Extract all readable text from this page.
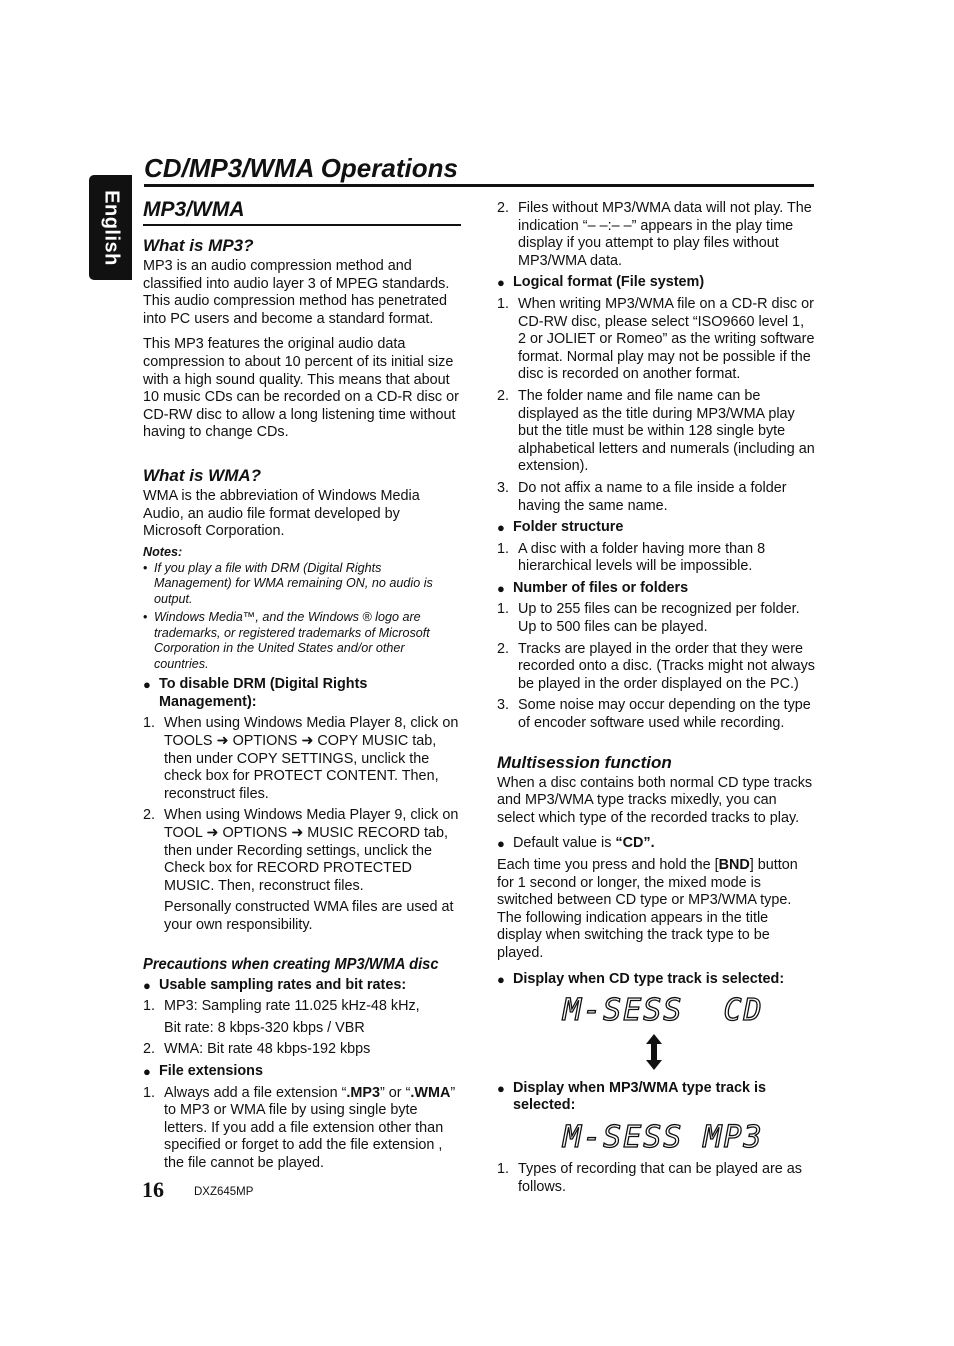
English
CD/MP3/WMA Operations
MP3/WMA
What is MP3?

MP3 is an audio compression method and classified into audio layer 3 of MPEG standards. This audio compression method has penetrated into PC users and become a standard format.

This MP3 features the original audio data compression to about 10 percent of its initial size with a high sound quality. This means that about 10 music CDs can be recorded on a CD-R disc or CD-RW disc to allow a long listening time without having to change CDs.

What is WMA?

WMA is the abbreviation of Windows Media Audio, an audio file format developed by Microsoft Corporation.

Notes:
• If you play a file with DRM (Digital Rights Management) for WMA remaining ON, no audio is output.
• Windows Media™, and the Windows ® logo are trademarks, or registered trademarks of Microsoft Corporation in the United States and/or other countries.
● To disable DRM (Digital Rights Management):
1. When using Windows Media Player 8, click on TOOLS ➜ OPTIONS ➜ COPY MUSIC tab, then under COPY SETTINGS, unclick the check box for PROTECT CONTENT. Then, reconstruct files.

2. When using Windows Media Player 9, click on TOOL ➜ OPTIONS ➜ MUSIC RECORD tab, then under Recording settings, unclick the Check box for RECORD PROTECTED MUSIC. Then, reconstruct files.

Personally constructed WMA files are used at your own responsibility.

Precautions when creating MP3/WMA disc
● Usable sampling rates and bit rates:
1. MP3: Sampling rate 11.025 kHz-48 kHz,

Bit rate: 8 kbps-320 kbps / VBR

2. WMA: Bit rate 48 kbps-192 kbps

● File extensions
1. Always add a file extension “.MP3” or “.WMA” to MP3 or WMA file by using single byte letters. If you add a file extension other than specified or forget to add the file extension , the file cannot be played.

2. Files without MP3/WMA data will not play. The indication “– –:– –” appears in the play time display if you attempt to play files without MP3/WMA data.

● Logical format (File system)
1. When writing MP3/WMA file on a CD-R disc or CD-RW disc, please select “ISO9660 level 1, 2 or JOLIET or Romeo” as the writing software format. Normal play may not be possible if the disc is recorded on another format.

2. The folder name and file name can be displayed as the title during MP3/WMA play but the title must be within 128 single byte alphabetical letters and numerals (including an extension).

3. Do not affix a name to a file inside a folder having the same name.

● Folder structure
1. A disc with a folder having more than 8 hierarchical levels will be impossible.

● Number of files or folders
1. Up to 255 files can be recognized per folder. Up to 500 files can be played.

2. Tracks are played in the order that they were recorded onto a disc. (Tracks might not always be played in the order displayed on the PC.)

3. Some noise may occur depending on the type of encoder software used while recording.

Multisession function

When a disc contains both normal CD type tracks and MP3/WMA type tracks mixedly, you can select which type of the recorded tracks to play.

● Default value is “CD”.

Each time you press and hold the [BND] button for 1 second or longer, the mixed mode is switched between CD type or MP3/WMA type. The following indication appears in the title display when switching the track type to be played.

● Display when CD type track is selected:
M-SESS  CD
● Display when MP3/WMA type track is selected:
M-SESS MP3
1. Types of recording that can be played are as follows.

16	DXZ645MP
